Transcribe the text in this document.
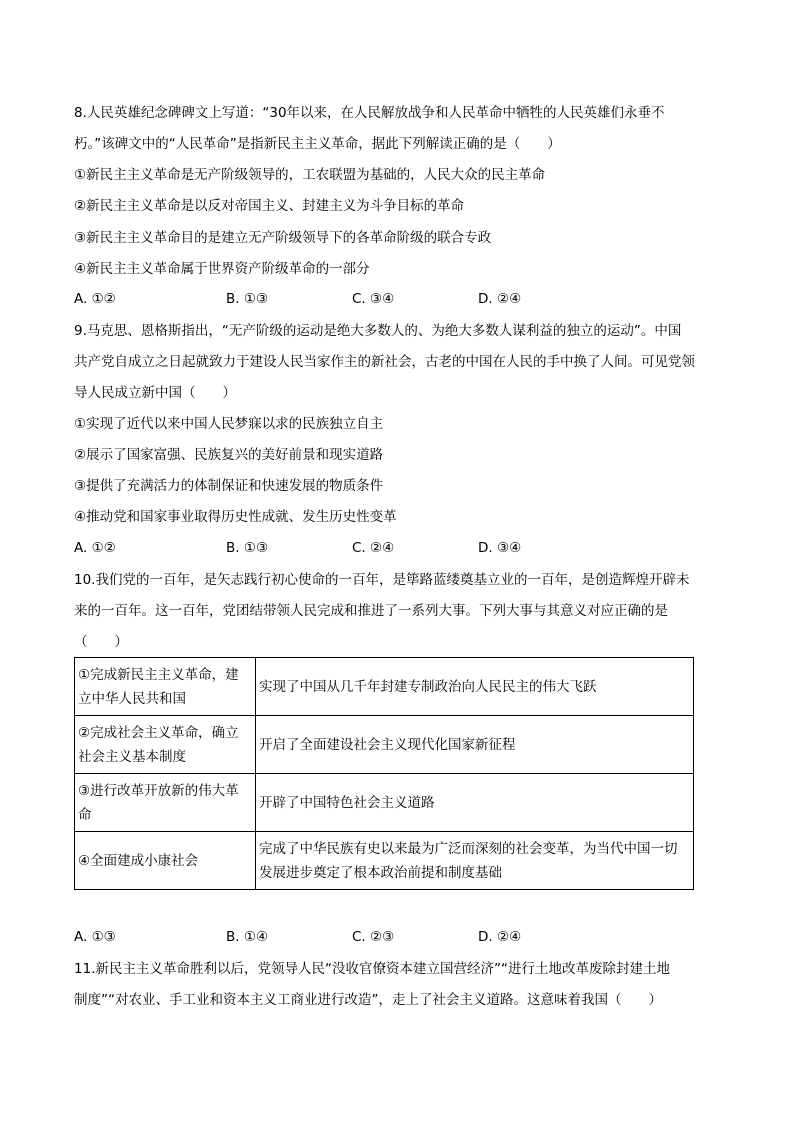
8.人民英雄纪念碑碑文上写道：“30年以来，在人民解放战争和人民革命中牺牲的人民英雄们永垂不
朽。”该碑文中的“人民革命”是指新民主主义革命，据此下列解读正确的是（　　）
①新民主主义革命是无产阶级领导的，工农联盟为基础的，人民大众的民主革命
②新民主主义革命是以反对帝国主义、封建主义为斗争目标的革命
③新民主主义革命目的是建立无产阶级领导下的各革命阶级的联合专政
④新民主主义革命属于世界资产阶级革命的一部分
A. ①②	B. ①③	C. ③④	D. ②④
9.马克思、恩格斯指出，“无产阶级的运动是绝大多数人的、为绝大多数人谋利益的独立的运动”。中国
共产党自成立之日起就致力于建设人民当家作主的新社会，古老的中国在人民的手中换了人间。可见党领
导人民成立新中国（　　）
①实现了近代以来中国人民梦寐以求的民族独立自主
②展示了国家富强、民族复兴的美好前景和现实道路
③提供了充满活力的体制保证和快速发展的物质条件
④推动党和国家事业取得历史性成就、发生历史性变革
A. ①②	B. ①③	C. ②④	D. ③④
10.我们党的一百年，是矢志践行初心使命的一百年，是筚路蓝缕奠基立业的一百年，是创造辉煌开辟未
来的一百年。这一百年，党团结带领人民完成和推进了一系列大事。下列大事与其意义对应正确的是
（　　）
①完成新民主主义革命，建立中华人民共和国	实现了中国从几千年封建专制政治向人民民主的伟大飞跃
②完成社会主义革命，确立社会主义基本制度	开启了全面建设社会主义现代化国家新征程
③进行改革开放新的伟大革命	开辟了中国特色社会主义道路
④全面建成小康社会	完成了中华民族有史以来最为广泛而深刻的社会变革，为当代中国一切发展进步奠定了根本政治前提和制度基础
A. ①③	B. ①④	C. ②③	D. ②④
11.新民主主义革命胜利以后，党领导人民“没收官僚资本建立国营经济”“进行土地改革废除封建土地
制度”“对农业、手工业和资本主义工商业进行改造”，走上了社会主义道路。这意味着我国（　　）
